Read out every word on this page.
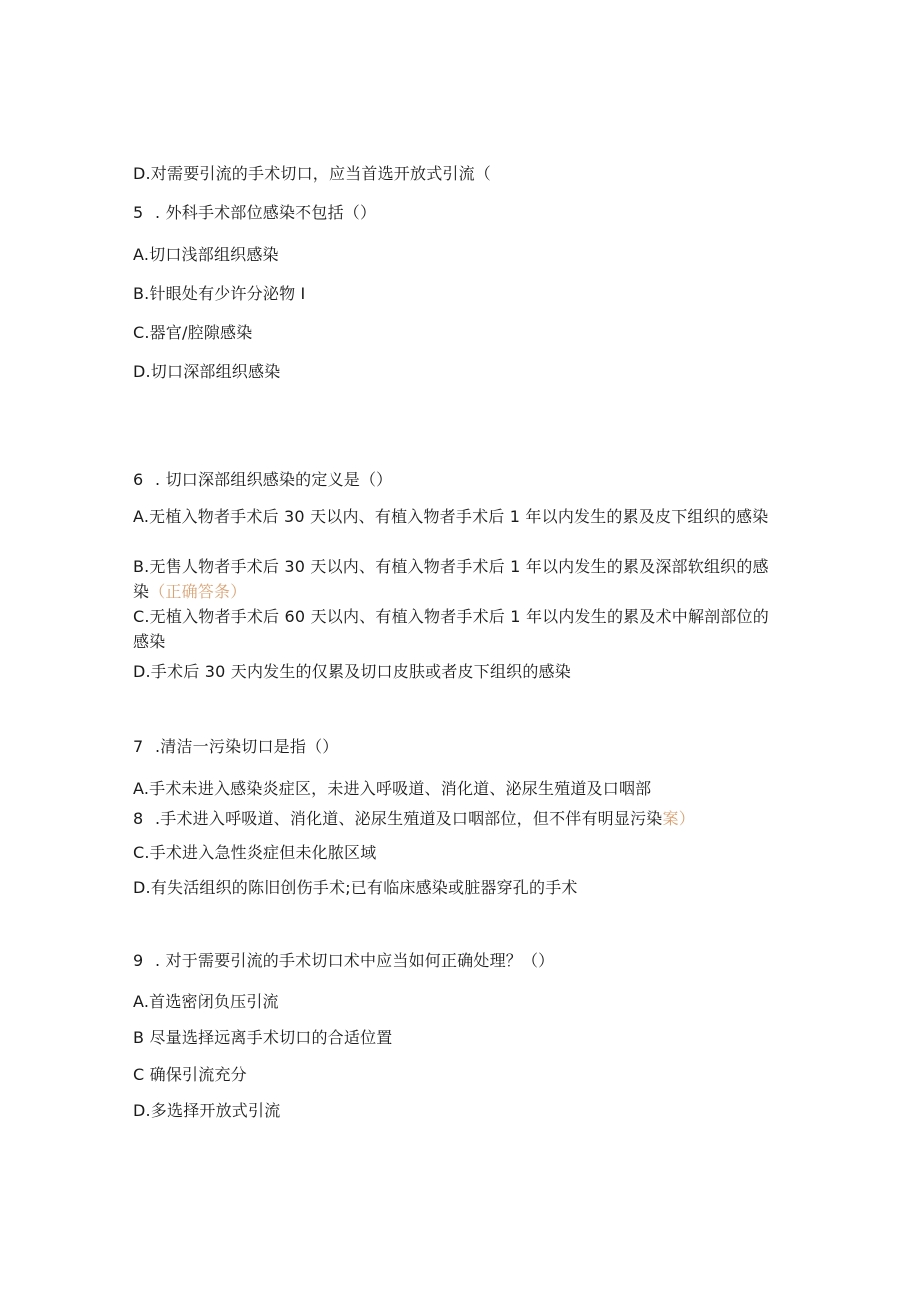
D.对需要引流的手术切口，应当首选开放式引流（
5 . 外科手术部位感染不包括（）
A.切口浅部组织感染
B.针眼处有少许分泌物 I
C.器官/腔隙感染
D.切口深部组织感染
6 . 切口深部组织感染的定义是（）
A.无植入物者手术后 30 天以内、有植入物者手术后 1 年以内发生的累及皮下组织的感染
B.无售人物者手术后 30 天以内、有植入物者手术后 1 年以内发生的累及深部软组织的感染（正确答条）
C.无植入物者手术后 60 天以内、有植入物者手术后 1 年以内发生的累及术中解剖部位的感染
D.手术后 30 天内发生的仅累及切口皮肤或者皮下组织的感染
7 .清洁一污染切口是指（）
A.手术未进入感染炎症区，未进入呼吸道、消化道、泌尿生殖道及口咽部
8 .手术进入呼吸道、消化道、泌尿生殖道及口咽部位，但不伴有明显污染案）
C.手术进入急性炎症但未化脓区域
D.有失活组织的陈旧创伤手术;已有临床感染或脏器穿孔的手术
9 . 对于需要引流的手术切口术中应当如何正确处理？（）
A.首选密闭负压引流
B 尽量选择远离手术切口的合适位置
C 确保引流充分
D.多选择开放式引流
